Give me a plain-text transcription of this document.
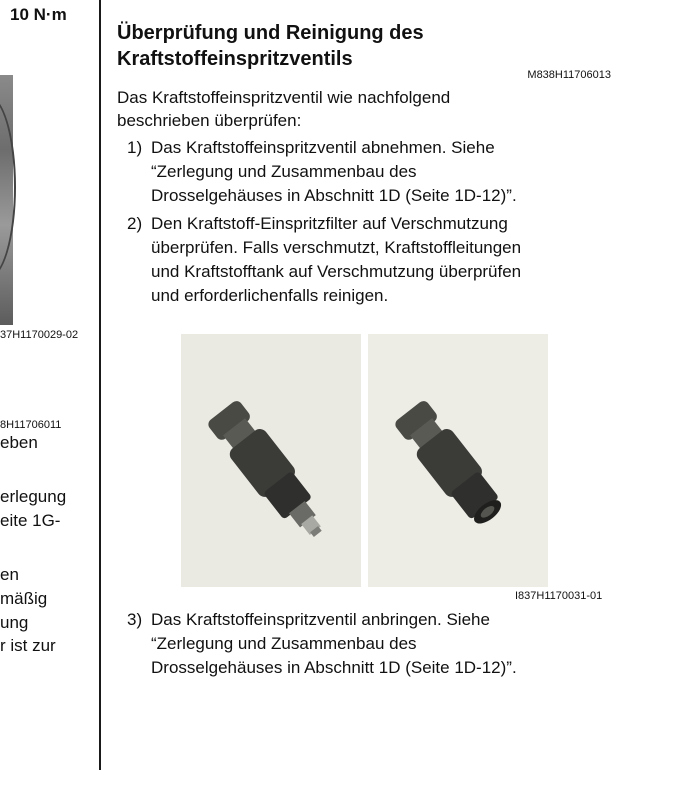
10 N·m
37H1170029-02
8H11706011
eben
erlegung
eite 1G-
en
mäßig
ung
r ist zur
Überprüfung und Reinigung des
Kraftstoffeinspritzventils
M838H11706013
Das Kraftstoffeinspritzventil wie nachfolgend
beschrieben überprüfen:
1) Das Kraftstoffeinspritzventil abnehmen. Siehe
“Zerlegung und Zusammenbau des
Drosselgehäuses in Abschnitt 1D (Seite 1D-12)”.
2) Den Kraftstoff-Einspritzfilter auf Verschmutzung
überprüfen. Falls verschmutzt, Kraftstoffleitungen
und Kraftstofftank auf Verschmutzung überprüfen
und erforderlichenfalls reinigen.
I837H1170031-01
3) Das Kraftstoffeinspritzventil anbringen. Siehe
“Zerlegung und Zusammenbau des
Drosselgehäuses in Abschnitt 1D (Seite 1D-12)”.
